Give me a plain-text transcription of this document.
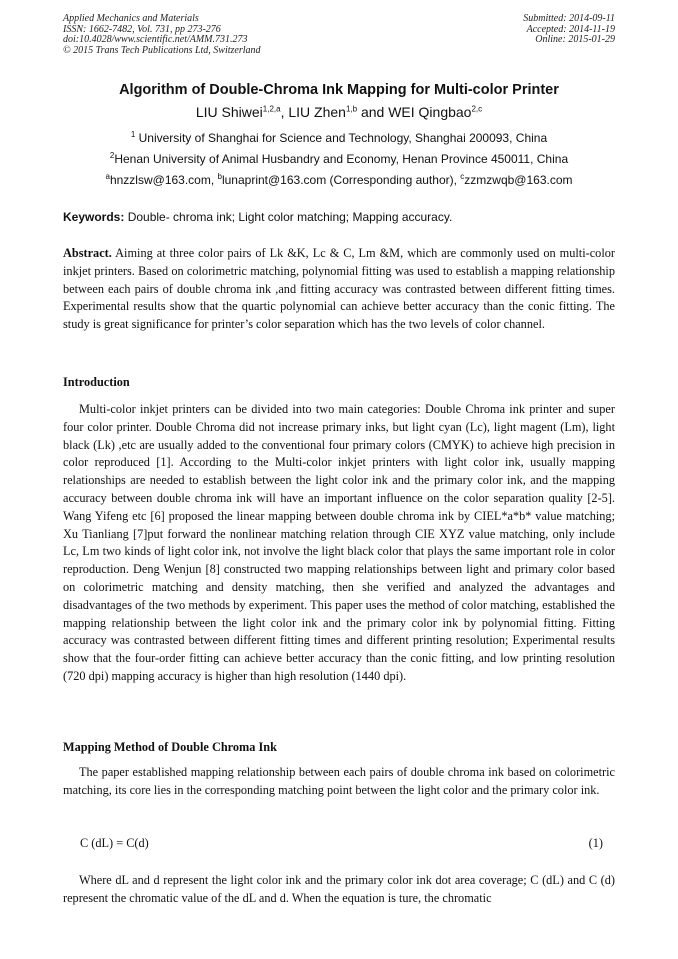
Applied Mechanics and Materials
ISSN: 1662-7482, Vol. 731, pp 273-276
doi:10.4028/www.scientific.net/AMM.731.273
© 2015 Trans Tech Publications Ltd, Switzerland
Submitted: 2014-09-11
Accepted: 2014-11-19
Online: 2015-01-29
Algorithm of Double-Chroma Ink Mapping for Multi-color Printer
LIU Shiwei$^{1,2,a}$, LIU Zhen$^{1,b}$ and WEI Qingbao$^{2,c}$
$^1$ University of Shanghai for Science and Technology, Shanghai 200093, China
$^2$Henan University of Animal Husbandry and Economy, Henan Province 450011, China
$^a$hnzzlsw@163.com, $^b$lunaprint@163.com (Corresponding author), $^c$zzmzwqb@163.com
Keywords: Double- chroma ink; Light color matching; Mapping accuracy.
Abstract. Aiming at three color pairs of Lk &K, Lc & C, Lm &M, which are commonly used on multi-color inkjet printers. Based on colorimetric matching, polynomial fitting was used to establish a mapping relationship between each pairs of double chroma ink ,and fitting accuracy was contrasted between different fitting times. Experimental results show that the quartic polynomial can achieve better accuracy than the conic fitting. The study is great significance for printer’s color separation which has the two levels of color channel.
Introduction
Multi-color inkjet printers can be divided into two main categories: Double Chroma ink printer and super four color printer. Double Chroma did not increase primary inks, but light cyan (Lc), light magent (Lm), light black (Lk) ,etc are usually added to the conventional four primary colors (CMYK) to achieve high precision in color reproduced [1]. According to the Multi-color inkjet printers with light color ink, usually mapping relationships are needed to establish between the light color ink and the primary color ink, and the mapping accuracy between double chroma ink will have an important influence on the color separation quality [2-5]. Wang Yifeng etc [6] proposed the linear mapping between double chroma ink by CIEL*a*b* value matching; Xu Tianliang [7]put forward the nonlinear matching relation through CIE XYZ value matching, only include Lc, Lm two kinds of light color ink, not involve the light black color that plays the same important role in color reproduction. Deng Wenjun [8] constructed two mapping relationships between light and primary color based on colorimetric matching and density matching, then she verified and analyzed the advantages and disadvantages of the two methods by experiment. This paper uses the method of color matching, established the mapping relationship between the light color ink and the primary color ink by polynomial fitting. Fitting accuracy was contrasted between different fitting times and different printing resolution; Experimental results show that the four-order fitting can achieve better accuracy than the conic fitting, and low printing resolution (720 dpi) mapping accuracy is higher than high resolution (1440 dpi).
Mapping Method of Double Chroma Ink
The paper established mapping relationship between each pairs of double chroma ink based on colorimetric matching, its core lies in the corresponding matching point between the light color and the primary color ink.
C (dL) = C(d)	(1)
Where dL and d represent the light color ink and the primary color ink dot area coverage; C (dL) and C (d) represent the chromatic value of the dL and d. When the equation is ture, the chromatic
